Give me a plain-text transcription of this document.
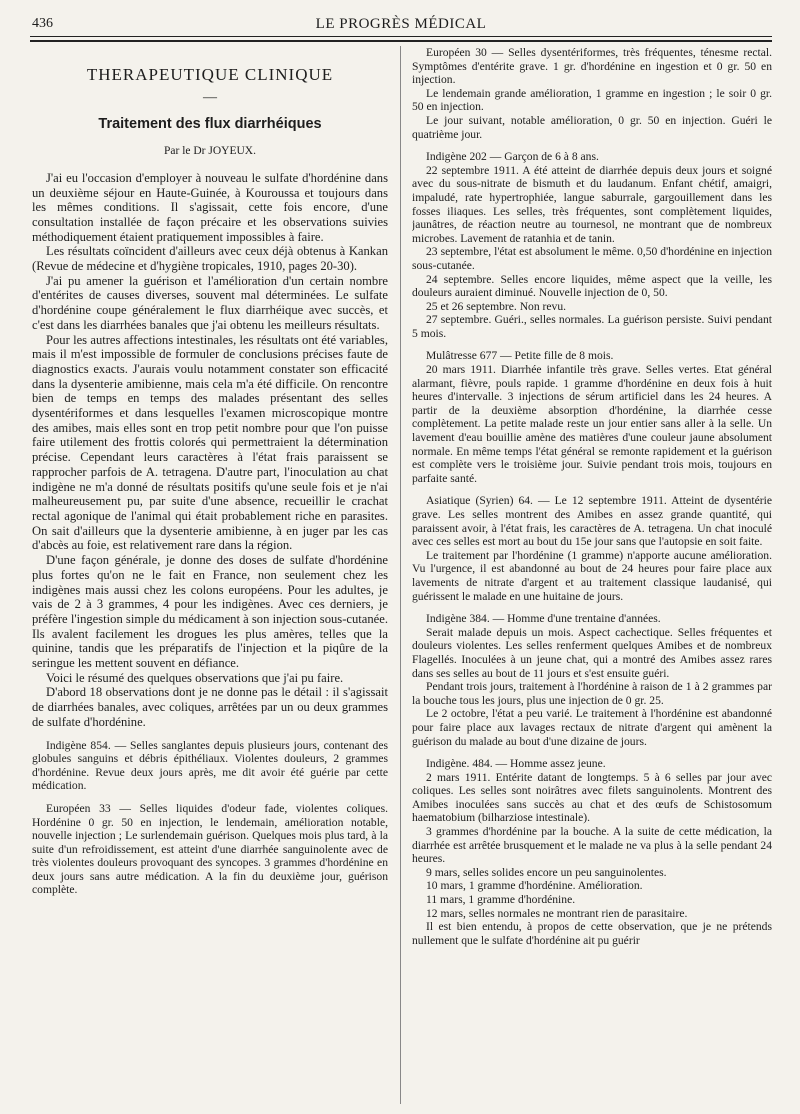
436	LE PROGRÈS MÉDICAL

THERAPEUTIQUE CLINIQUE

—

Traitement des flux diarrhéiques

Par le Dr JOYEUX.

J'ai eu l'occasion d'employer à nouveau le sulfate d'hordénine dans un deuxième séjour en Haute-Guinée, à Kouroussa et toujours dans les mêmes conditions. Il s'agissait, cette fois encore, d'une consultation installée de façon précaire et les observations suivies méthodiquement étaient pratiquement impossibles à faire.

Les résultats coïncident d'ailleurs avec ceux déjà obtenus à Kankan (Revue de médecine et d'hygiène tropicales, 1910, pages 20-30).

J'ai pu amener la guérison et l'amélioration d'un certain nombre d'entérites de causes diverses, souvent mal déterminées. Le sulfate d'hordénine coupe généralement le flux diarrhéique avec succès, et c'est dans les diarrhées banales que j'ai obtenu les meilleurs résultats.

Pour les autres affections intestinales, les résultats ont été variables, mais il m'est impossible de formuler de conclusions précises faute de diagnostics exacts. J'aurais voulu notamment constater son efficacité dans la dysenterie amibienne, mais cela m'a été difficile. On rencontre bien de temps en temps des malades présentant des selles dysentériformes et dans lesquelles l'examen microscopique montre des amibes, mais elles sont en trop petit nombre pour que l'on puisse faire utilement des frottis colorés qui permettraient la détermination précise. Cependant leurs caractères à l'état frais paraissent se rapprocher parfois de A. tetragena. D'autre part, l'inoculation au chat indigène ne m'a donné de résultats positifs qu'une seule fois et je n'ai malheureusement pu, par suite d'une absence, recueillir le crachat rectal agonique de l'animal qui était probablement riche en parasites. On sait d'ailleurs que la dysenterie amibienne, à en juger par les cas d'abcès au foie, est relativement rare dans la région.

D'une façon générale, je donne des doses de sulfate d'hordénine plus fortes qu'on ne le fait en France, non seulement chez les indigènes mais aussi chez les colons européens. Pour les adultes, je vais de 2 à 3 grammes, 4 pour les indigènes. Avec ces derniers, je préfère l'ingestion simple du médicament à son injection sous-cutanée. Ils avalent facilement les drogues les plus amères, telles que la quinine, tandis que les préparatifs de l'injection et la piqûre de la seringue les mettent souvent en défiance.

Voici le résumé des quelques observations que j'ai pu faire.

D'abord 18 observations dont je ne donne pas le détail : il s'agissait de diarrhées banales, avec coliques, arrêtées par un ou deux grammes de sulfate d'hordénine.

Indigène 854. — Selles sanglantes depuis plusieurs jours, contenant des globules sanguins et débris épithéliaux. Violentes douleurs, 2 grammes d'hordénine. Revue deux jours après, me dit avoir été guérie par cette médication.

Européen 33 — Selles liquides d'odeur fade, violentes coliques. Hordénine 0 gr. 50 en injection, le lendemain, amélioration notable, nouvelle injection ; Le surlendemain guérison. Quelques mois plus tard, à la suite d'un refroidissement, est atteint d'une diarrhée sanguinolente avec de très violentes douleurs provoquant des syncopes. 3 grammes d'hordénine en deux jours sans autre médication. A la fin du deuxième jour, guérison complète.

Européen 30 — Selles dysentériformes, très fréquentes, ténesme rectal. Symptômes d'entérite grave. 1 gr. d'hordénine en ingestion et 0 gr. 50 en injection.

Le lendemain grande amélioration, 1 gramme en ingestion ; le soir 0 gr. 50 en injection.

Le jour suivant, notable amélioration, 0 gr. 50 en injection. Guéri le quatrième jour.

Indigène 202 — Garçon de 6 à 8 ans.

22 septembre 1911. A été atteint de diarrhée depuis deux jours et soigné avec du sous-nitrate de bismuth et du laudanum. Enfant chétif, amaigri, impaludé, rate hypertrophiée, langue saburrale, gargouillement dans les fosses iliaques. Les selles, très fréquentes, sont complètement liquides, jaunâtres, de réaction neutre au tournesol, ne montrant que de nombreux microbes. Lavement de ratanhia et de tanin.

23 septembre, l'état est absolument le même. 0,50 d'hordénine en injection sous-cutanée.

24 septembre. Selles encore liquides, même aspect que la veille, les douleurs auraient diminué. Nouvelle injection de 0, 50.

25 et 26 septembre. Non revu.

27 septembre. Guéri., selles normales. La guérison persiste. Suivi pendant 5 mois.

Mulâtresse 677 — Petite fille de 8 mois.

20 mars 1911. Diarrhée infantile très grave. Selles vertes. Etat général alarmant, fièvre, pouls rapide. 1 gramme d'hordénine en deux fois à huit heures d'intervalle. 3 injections de sérum artificiel dans les 24 heures. A partir de la deuxième absorption d'hordénine, la diarrhée cesse complètement. La petite malade reste un jour entier sans aller à la selle. Un lavement d'eau bouillie amène des matières d'une couleur jaune absolument normale. En même temps l'état général se remonte rapidement et la guérison est complète vers le troisième jour. Suivie pendant trois mois, toujours en parfaite santé.

Asiatique (Syrien) 64. — Le 12 septembre 1911. Atteint de dysentérie grave. Les selles montrent des Amibes en assez grande quantité, qui paraissent avoir, à l'état frais, les caractères de A. tetragena. Un chat inoculé avec ces selles est mort au bout du 15e jour sans que l'autopsie en soit faite.

Le traitement par l'hordénine (1 gramme) n'apporte aucune amélioration. Vu l'urgence, il est abandonné au bout de 24 heures pour faire place aux lavements de nitrate d'argent et au traitement classique laudanisé, qui guérissent le malade en une huitaine de jours.

Indigène 384. — Homme d'une trentaine d'années.

Serait malade depuis un mois. Aspect cachectique. Selles fréquentes et douleurs violentes. Les selles renferment quelques Amibes et de nombreux Flagellés. Inoculées à un jeune chat, qui a montré des Amibes assez rares dans ses selles au bout de 11 jours et s'est ensuite guéri.

Pendant trois jours, traitement à l'hordénine à raison de 1 à 2 grammes par la bouche tous les jours, plus une injection de 0 gr. 25.

Le 2 octobre, l'état a peu varié. Le traitement à l'hordénine est abandonné pour faire place aux lavages rectaux de nitrate d'argent qui amènent la guérison du malade au bout d'une dizaine de jours.

Indigène. 484. — Homme assez jeune.

2 mars 1911. Entérite datant de longtemps. 5 à 6 selles par jour avec coliques. Les selles sont noirâtres avec filets sanguinolents. Montrent des Amibes inoculées sans succès au chat et des œufs de Schistosomum haematobium (bilharziose intestinale).

3 grammes d'hordénine par la bouche. A la suite de cette médication, la diarrhée est arrêtée brusquement et le malade ne va plus à la selle pendant 24 heures.

9 mars, selles solides encore un peu sanguinolentes.

10 mars, 1 gramme d'hordénine. Amélioration.

11 mars, 1 gramme d'hordénine.

12 mars, selles normales ne montrant rien de parasitaire.

Il est bien entendu, à propos de cette observation, que je ne prétends nullement que le sulfate d'hordénine ait pu guérir
